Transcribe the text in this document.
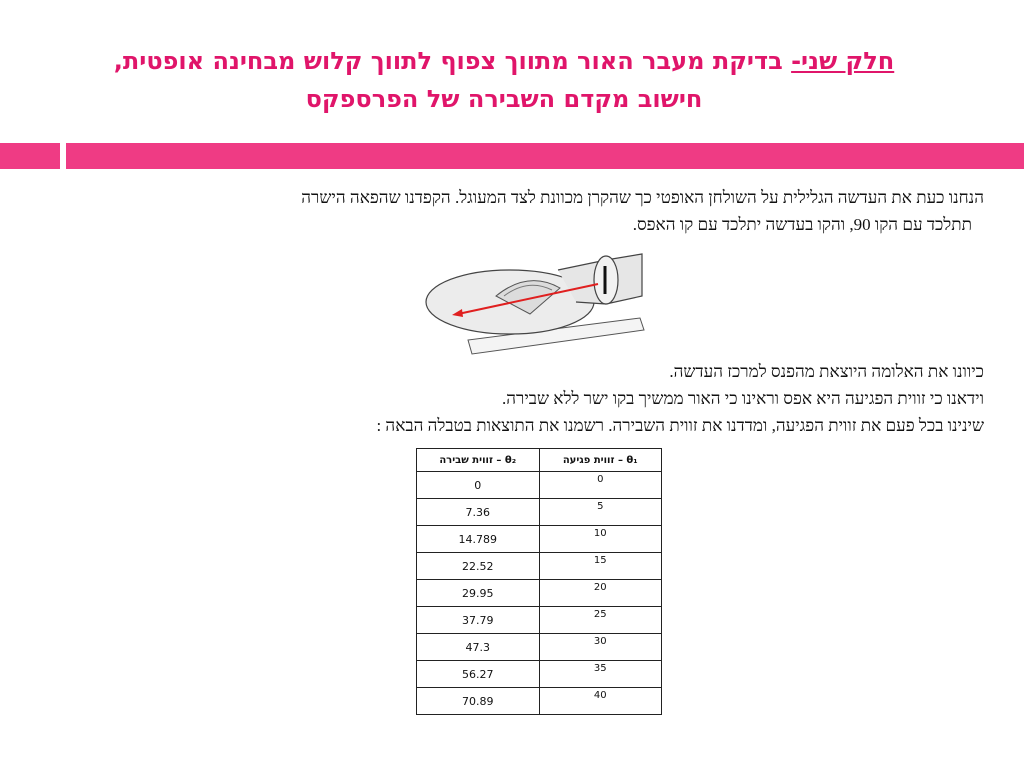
חלק שני- בדיקת מעבר האור מתווך צפוף לתווך קלוש מבחינה אופטית,
חישוב מקדם השבירה של הפרספקס
הנחנו כעת את העדשה הגלילית על השולחן האופטי כך שהקרן מכוונת לצד המעוגל. הקפדנו שהפאה הישרה
תתלכד עם הקו 90, והקו בעדשה יתלכד עם קו האפס.
כיוונו את האלומה היוצאת מהפנס למרכז העדשה.
וידאנו כי זווית הפגיעה היא אפס וראינו כי האור ממשיך בקו ישר ללא שבירה.
שינינו בכל פעם את זווית הפגיעה, ומדדנו את זווית השבירה. רשמנו את התוצאות בטבלה הבאה :
θ₂ – זווית שבירה	θ₁ – זווית פגיעה
0	0
7.36	5
14.789	10
22.52	15
29.95	20
37.79	25
47.3	30
56.27	35
70.89	40
